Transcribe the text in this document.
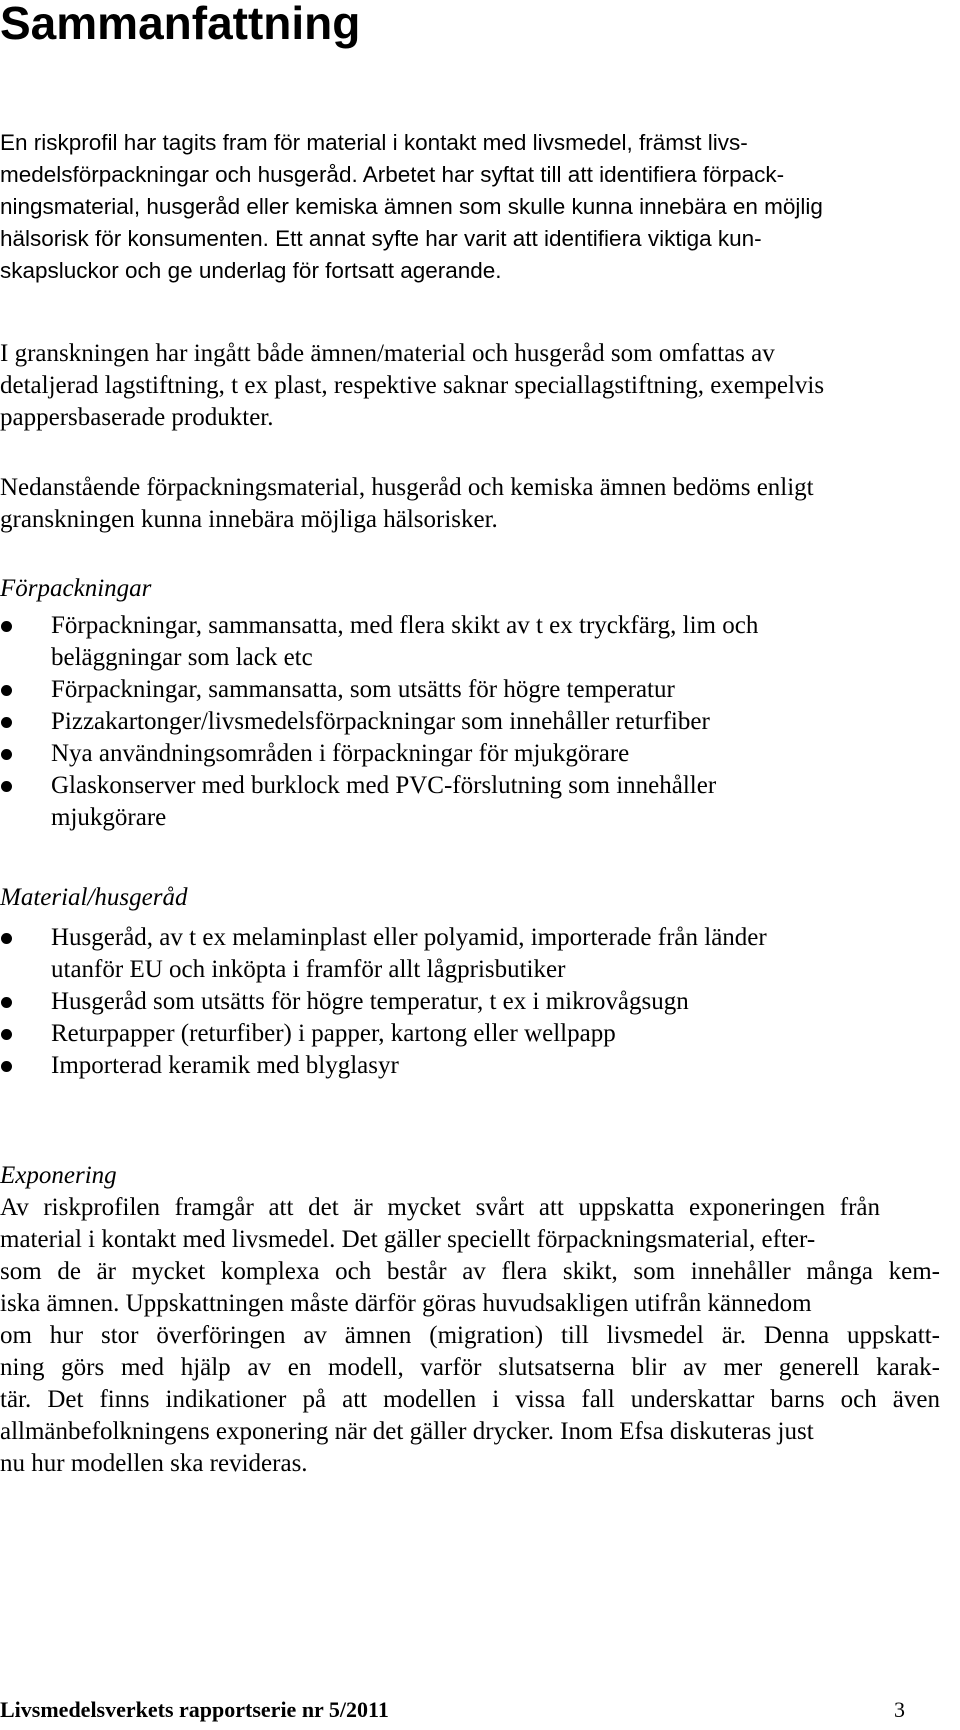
Sammanfattning
En riskprofil har tagits fram för material i kontakt med livsmedel, främst livs-
medelsförpackningar och husgeråd. Arbetet har syftat till att identifiera förpack-
ningsmaterial, husgeråd eller kemiska ämnen som skulle kunna innebära en möjlig
hälsorisk för konsumenten. Ett annat syfte har varit att identifiera viktiga kun-
skapsluckor och ge underlag för fortsatt agerande.
I granskningen har ingått både ämnen/material och husgeråd som omfattas av
detaljerad lagstiftning, t ex plast, respektive saknar speciallagstiftning, exempelvis
pappersbaserade produkter.
Nedanstående förpackningsmaterial, husgeråd och kemiska ämnen bedöms enligt
granskningen kunna innebära möjliga hälsorisker.
Förpackningar
Förpackningar, sammansatta, med flera skikt av t ex tryckfärg, lim och
beläggningar som lack etc
Förpackningar, sammansatta, som utsätts för högre temperatur
Pizzakartonger/livsmedelsförpackningar som innehåller returfiber
Nya användningsområden i förpackningar för mjukgörare
Glaskonserver med burklock med PVC-förslutning som innehåller
mjukgörare
Material/husgeråd
Husgeråd, av t ex melaminplast eller polyamid, importerade från länder
utanför EU och inköpta i framför allt lågprisbutiker
Husgeråd som utsätts för högre temperatur, t ex i mikrovågsugn
Returpapper (returfiber) i papper, kartong eller wellpapp
Importerad keramik med blyglasyr
Exponering
Av riskprofilen framgår att det är mycket svårt att uppskatta exponeringen från
material i kontakt med livsmedel. Det gäller speciellt förpackningsmaterial, efter-
som de är mycket komplexa och består av flera skikt, som innehåller många kem-
iska ämnen. Uppskattningen måste därför göras huvudsakligen utifrån kännedom
om hur stor överföringen av ämnen (migration) till livsmedel är. Denna uppskatt-
ning görs med hjälp av en modell, varför slutsatserna blir av mer generell karak-
tär. Det finns indikationer på att modellen i vissa fall underskattar barns och även
allmänbefolkningens exponering när det gäller drycker. Inom Efsa diskuteras just
nu hur modellen ska revideras.
Livsmedelsverkets rapportserie nr 5/2011	3
